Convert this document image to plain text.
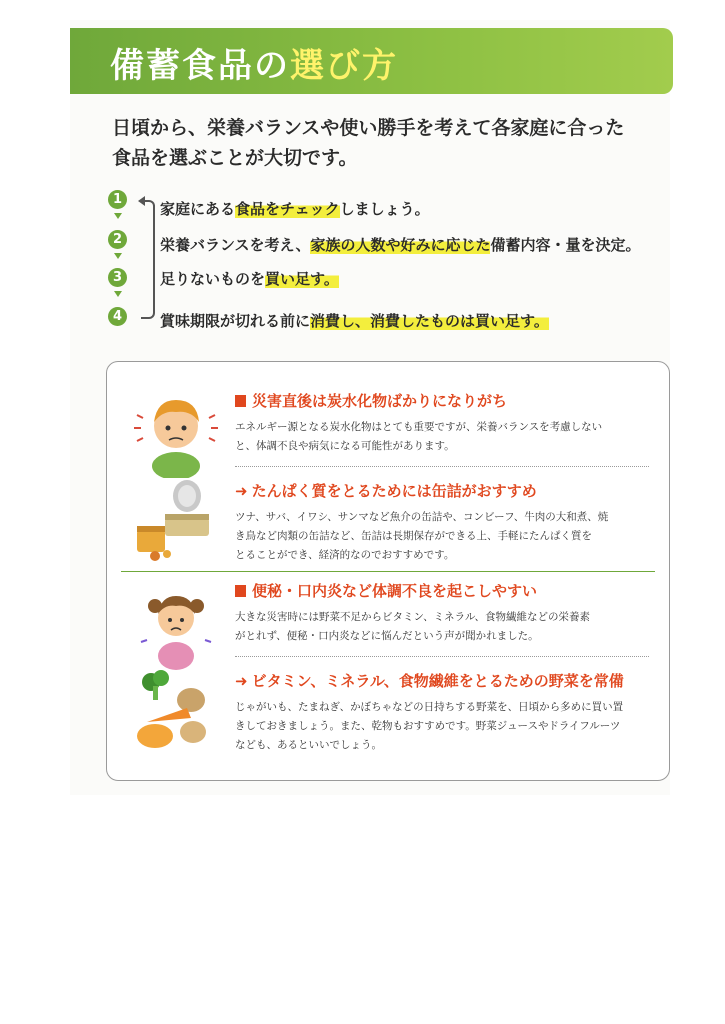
備蓄食品の選び方
日頃から、栄養バランスや使い勝手を考えて各家庭に合った
食品を選ぶことが大切です。
1
2
3
4
家庭にある食品をチェックしましょう。
栄養バランスを考え、家族の人数や好みに応じた備蓄内容・量を決定。
足りないものを買い足す。
賞味期限が切れる前に消費し、消費したものは買い足す。
災害直後は炭水化物ばかりになりがち
エネルギー源となる炭水化物はとても重要ですが、栄養バランスを考慮しない
と、体調不良や病気になる可能性があります。
➜ たんぱく質をとるためには缶詰がおすすめ
ツナ、サバ、イワシ、サンマなど魚介の缶詰や、コンビーフ、牛肉の大和煮、焼
き鳥など肉類の缶詰など、缶詰は長期保存ができる上、手軽にたんぱく質を
とることができ、経済的なのでおすすめです。
便秘・口内炎など体調不良を起こしやすい
大きな災害時には野菜不足からビタミン、ミネラル、食物繊維などの栄養素
がとれず、便秘・口内炎などに悩んだという声が聞かれました。
➜ ビタミン、ミネラル、食物繊維をとるための野菜を常備
じゃがいも、たまねぎ、かぼちゃなどの日持ちする野菜を、日頃から多めに買い置
きしておきましょう。また、乾物もおすすめです。野菜ジュースやドライフルーツ
なども、あるといいでしょう。
